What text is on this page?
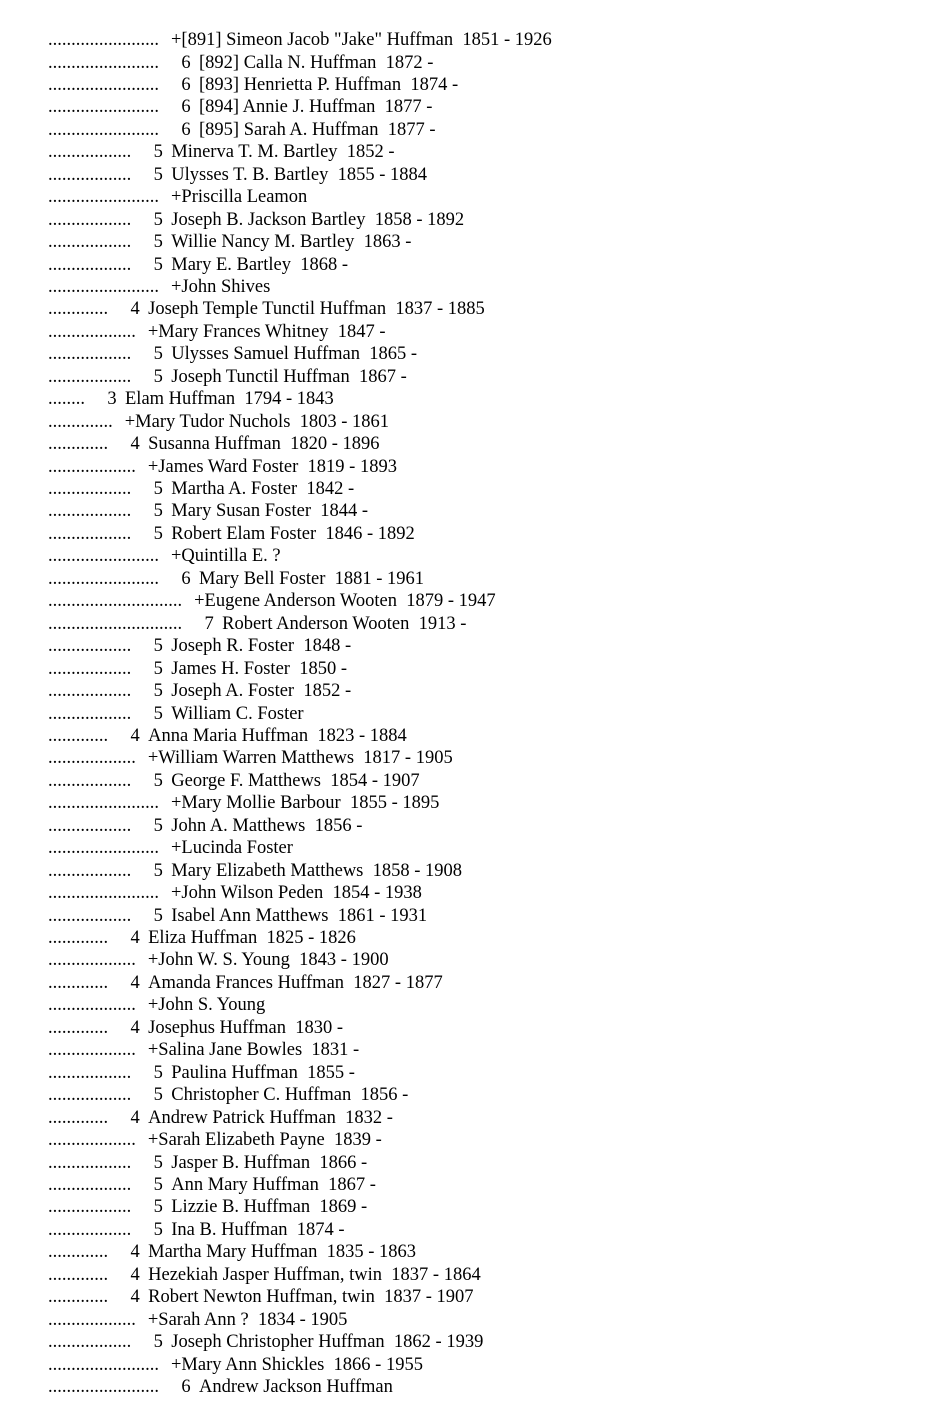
........................ +[891] Simeon Jacob "Jake" Huffman  1851 - 1926
........................ 6 [892] Calla N. Huffman  1872 -
........................ 6 [893] Henrietta P. Huffman  1874 -
........................ 6 [894] Annie J. Huffman  1877 -
........................ 6 [895] Sarah A. Huffman  1877 -
.................. 5 Minerva T. M. Bartley  1852 -
.................. 5 Ulysses T. B. Bartley  1855 - 1884
........................ +Priscilla Leamon
.................. 5 Joseph B. Jackson Bartley  1858 - 1892
.................. 5 Willie Nancy M. Bartley  1863 -
.................. 5 Mary E. Bartley  1868 -
........................ +John Shives
............. 4 Joseph Temple Tunctil Huffman  1837 - 1885
................... +Mary Frances Whitney  1847 -
.................. 5 Ulysses Samuel Huffman  1865 -
.................. 5 Joseph Tunctil Huffman  1867 -
........ 3 Elam Huffman  1794 - 1843
.............. +Mary Tudor Nuchols  1803 - 1861
............. 4 Susanna Huffman  1820 - 1896
................... +James Ward Foster  1819 - 1893
.................. 5 Martha A. Foster  1842 -
.................. 5 Mary Susan Foster  1844 -
.................. 5 Robert Elam Foster  1846 - 1892
........................ +Quintilla E. ?
........................ 6 Mary Bell Foster  1881 - 1961
............................. +Eugene Anderson Wooten  1879 - 1947
............................. 7 Robert Anderson Wooten  1913 -
.................. 5 Joseph R. Foster  1848 -
.................. 5 James H. Foster  1850 -
.................. 5 Joseph A. Foster  1852 -
.................. 5 William C. Foster
............. 4 Anna Maria Huffman  1823 - 1884
................... +William Warren Matthews  1817 - 1905
.................. 5 George F. Matthews  1854 - 1907
........................ +Mary Mollie Barbour  1855 - 1895
.................. 5 John A. Matthews  1856 -
........................ +Lucinda Foster
.................. 5 Mary Elizabeth Matthews  1858 - 1908
........................ +John Wilson Peden  1854 - 1938
.................. 5 Isabel Ann Matthews  1861 - 1931
............. 4 Eliza Huffman  1825 - 1826
................... +John W. S. Young  1843 - 1900
............. 4 Amanda Frances Huffman  1827 - 1877
................... +John S. Young
............. 4 Josephus Huffman  1830 -
................... +Salina Jane Bowles  1831 -
.................. 5 Paulina Huffman  1855 -
.................. 5 Christopher C. Huffman  1856 -
............. 4 Andrew Patrick Huffman  1832 -
................... +Sarah Elizabeth Payne  1839 -
.................. 5 Jasper B. Huffman  1866 -
.................. 5 Ann Mary Huffman  1867 -
.................. 5 Lizzie B. Huffman  1869 -
.................. 5 Ina B. Huffman  1874 -
............. 4 Martha Mary Huffman  1835 - 1863
............. 4 Hezekiah Jasper Huffman, twin  1837 - 1864
............. 4 Robert Newton Huffman, twin  1837 - 1907
................... +Sarah Ann ?  1834 - 1905
.................. 5 Joseph Christopher Huffman  1862 - 1939
........................ +Mary Ann Shickles  1866 - 1955
........................ 6 Andrew Jackson Huffman
